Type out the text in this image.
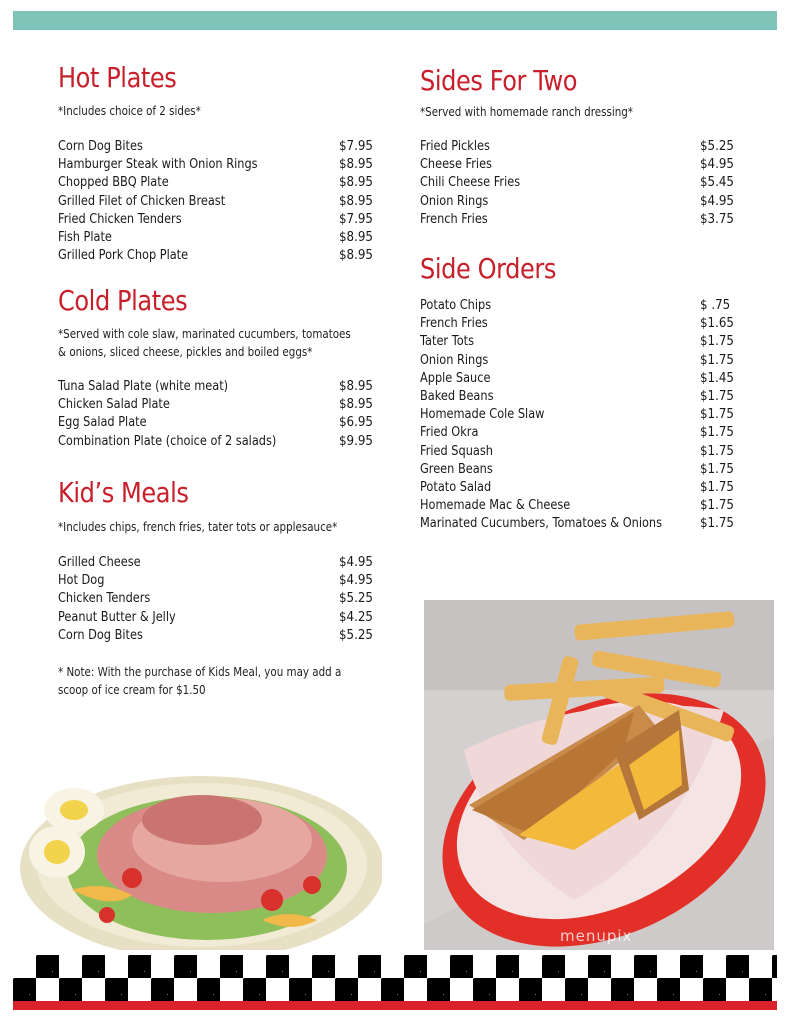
Hot Plates
*Includes choice of 2 sides*
Corn Dog Bites	$7.95
Hamburger Steak with Onion Rings	$8.95
Chopped BBQ Plate	$8.95
Grilled Filet of Chicken Breast	$8.95
Fried Chicken Tenders	$7.95
Fish Plate	$8.95
Grilled Pork Chop Plate	$8.95
Cold Plates
*Served with cole slaw, marinated cucumbers, tomatoes
& onions, sliced cheese, pickles and boiled eggs*
Tuna Salad Plate (white meat)	$8.95
Chicken Salad Plate	$8.95
Egg Salad Plate	$6.95
Combination Plate (choice of 2 salads)	$9.95
Kid’s Meals
*Includes chips, french fries, tater tots or applesauce*
Grilled Cheese	$4.95
Hot Dog	$4.95
Chicken Tenders	$5.25
Peanut Butter & Jelly	$4.25
Corn Dog Bites	$5.25
* Note: With the purchase of Kids Meal, you may add a
scoop of ice cream for $1.50
Sides For Two
*Served with homemade ranch dressing*
Fried Pickles	$5.25
Cheese Fries	$4.95
Chili Cheese Fries	$5.45
Onion Rings	$4.95
French Fries	$3.75
Side Orders
Potato Chips	$ .75
French Fries	$1.65
Tater Tots	$1.75
Onion Rings	$1.75
Apple Sauce	$1.45
Baked Beans	$1.75
Homemade Cole Slaw	$1.75
Fried Okra	$1.75
Fried Squash	$1.75
Green Beans	$1.75
Potato Salad	$1.75
Homemade Mac & Cheese	$1.75
Marinated Cucumbers, Tomatoes & Onions	$1.75
menupix
